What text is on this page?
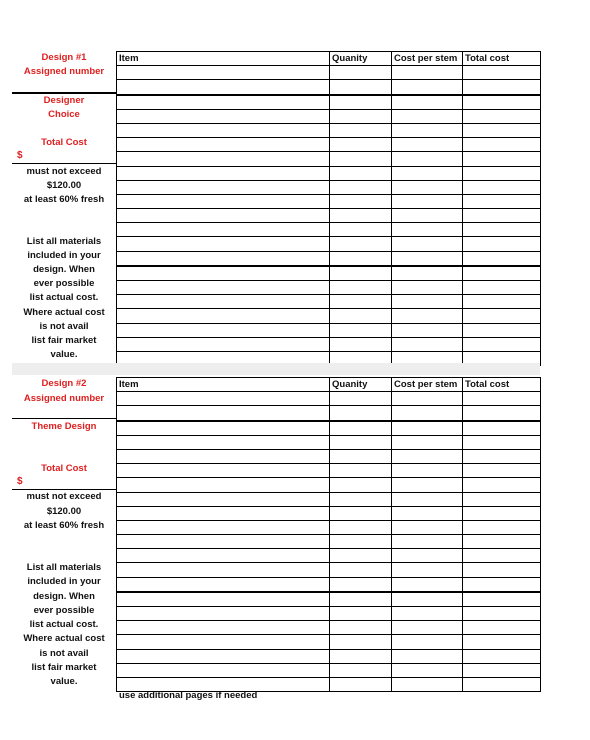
Design #1
Assigned number
Designer
Choice
Total Cost
$
must not exceed
$120.00
at least 60% fresh
List all materials
included in your
design. When
ever possible
list actual cost.
Where actual cost
is not avail
list fair market
value.
Item	Quanity	Cost per stem	Total cost

Design #2
Assigned number
Theme Design
Total Cost
$
must not exceed
$120.00
at least 60% fresh
List all materials
included in your
design. When
ever possible
list actual cost.
Where actual cost
is not avail
list fair market
value.
Item	Quanity	Cost per stem	Total cost

use additional pages if needed
